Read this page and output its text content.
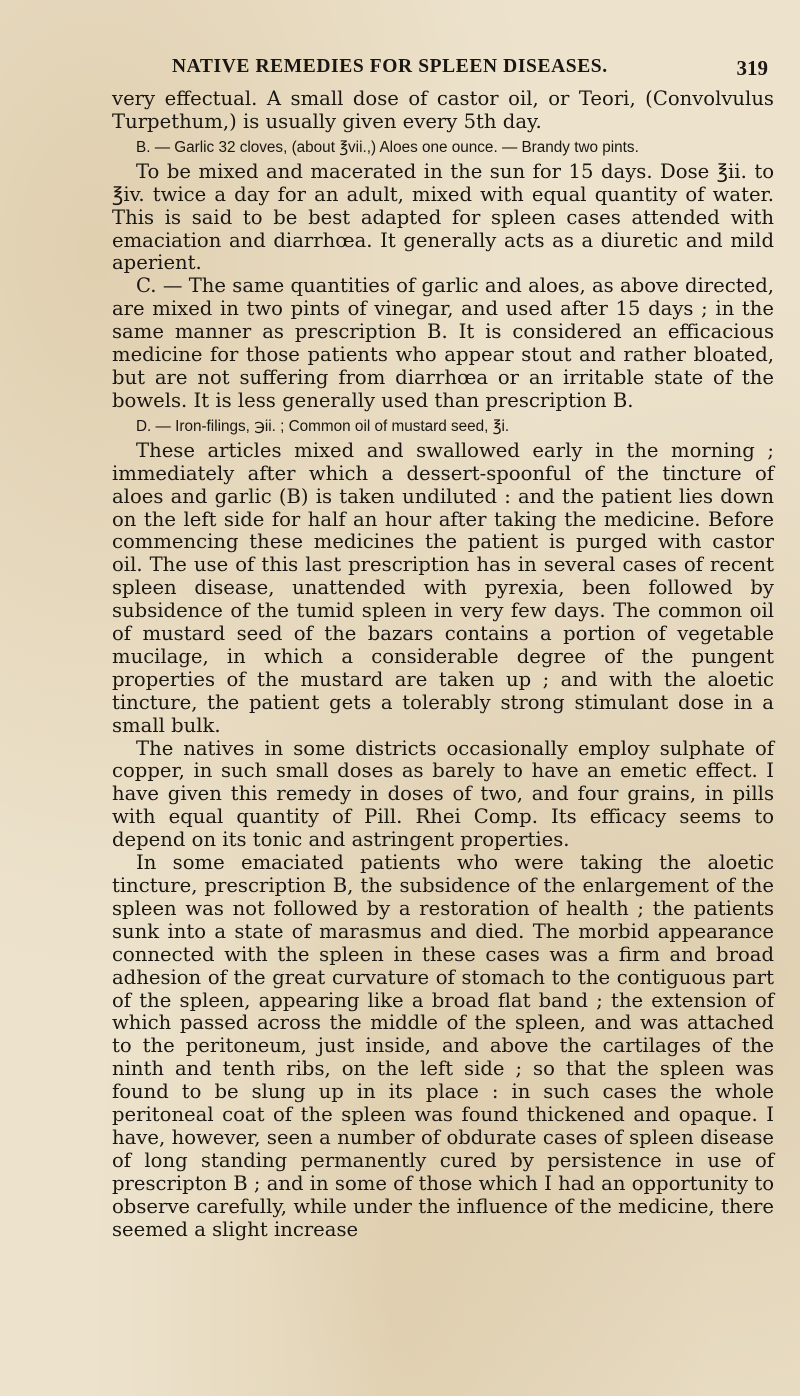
NATIVE REMEDIES FOR SPLEEN DISEASES.	319

very effectual. A small dose of castor oil, or Teori, (Convolvulus Turpethum,) is usually given every 5th day.

B. — Garlic 32 cloves, (about ℥vii.,) Aloes one ounce. — Brandy two pints.

To be mixed and macerated in the sun for 15 days. Dose ℥ii. to ℥iv. twice a day for an adult, mixed with equal quantity of water. This is said to be best adapted for spleen cases attended with emaciation and diarrhœa. It generally acts as a diuretic and mild aperient.

C. — The same quantities of garlic and aloes, as above directed, are mixed in two pints of vinegar, and used after 15 days ; in the same manner as prescription B. It is considered an efficacious medicine for those patients who appear stout and rather bloated, but are not suffering from diarrhœa or an irritable state of the bowels. It is less generally used than prescription B.

D. — Iron-filings, ℈ii. ; Common oil of mustard seed, ℥i.

These articles mixed and swallowed early in the morning ; immediately after which a dessert-spoonful of the tincture of aloes and garlic (B) is taken undiluted : and the patient lies down on the left side for half an hour after taking the medicine. Before commencing these medicines the patient is purged with castor oil. The use of this last prescription has in several cases of recent spleen disease, unattended with pyrexia, been followed by subsidence of the tumid spleen in very few days. The common oil of mustard seed of the bazars contains a portion of vegetable mucilage, in which a considerable degree of the pungent properties of the mustard are taken up ; and with the aloetic tincture, the patient gets a tolerably strong stimulant dose in a small bulk.

The natives in some districts occasionally employ sulphate of copper, in such small doses as barely to have an emetic effect. I have given this remedy in doses of two, and four grains, in pills with equal quantity of Pill. Rhei Comp. Its efficacy seems to depend on its tonic and astringent properties.

In some emaciated patients who were taking the aloetic tincture, prescription B, the subsidence of the enlargement of the spleen was not followed by a restoration of health ; the patients sunk into a state of marasmus and died. The morbid appearance connected with the spleen in these cases was a firm and broad adhesion of the great curvature of stomach to the contiguous part of the spleen, appearing like a broad flat band ; the extension of which passed across the middle of the spleen, and was attached to the peritoneum, just inside, and above the cartilages of the ninth and tenth ribs, on the left side ; so that the spleen was found to be slung up in its place : in such cases the whole peritoneal coat of the spleen was found thickened and opaque. I have, however, seen a number of obdurate cases of spleen disease of long standing permanently cured by persistence in use of prescripton B ; and in some of those which I had an opportunity to observe carefully, while under the influence of the medicine, there seemed a slight increase
